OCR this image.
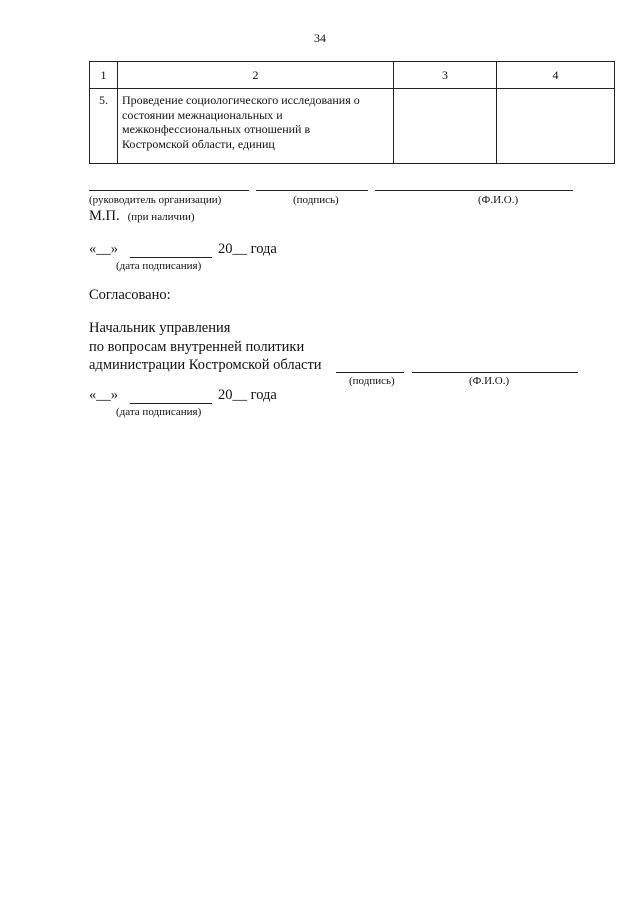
34
1	2	3	4
5.	Проведение социологического исследования о
состоянии межнациональных и
межконфессиональных отношений в
Костромской области, единиц		

(руководитель организации)	(подпись)	(Ф.И.О.)
М.П. (при наличии)
«__»	20__ года
(дата подписания)
Согласовано:
Начальник управления
по вопросам внутренней политики
администрации Костромской области
(подпись)	(Ф.И.О.)
«__»	20__ года
(дата подписания)
